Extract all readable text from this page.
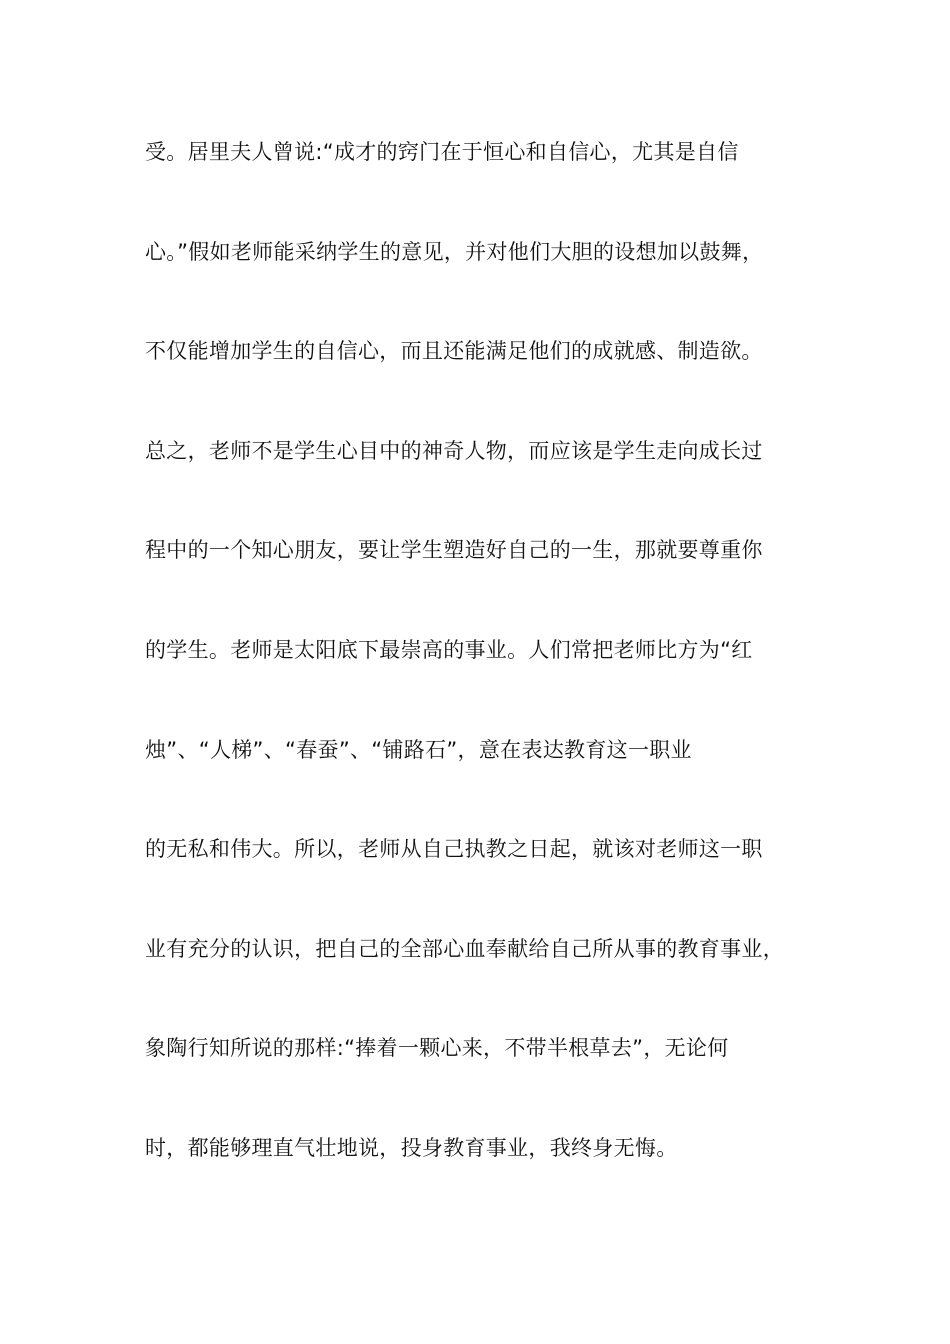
受。居里夫人曾说:“成才的窍门在于恒心和自信心，尤其是自信
心。”假如老师能采纳学生的意见，并对他们大胆的设想加以鼓舞，
不仅能增加学生的自信心，而且还能满足他们的成就感、制造欲。
总之，老师不是学生心目中的神奇人物，而应该是学生走向成长过
程中的一个知心朋友，要让学生塑造好自己的一生，那就要尊重你
的学生。老师是太阳底下最崇高的事业。人们常把老师比方为“红
烛”、“人梯”、“春蚕”、“铺路石”，意在表达教育这一职业
的无私和伟大。所以，老师从自己执教之日起，就该对老师这一职
业有充分的认识，把自己的全部心血奉献给自己所从事的教育事业，
象陶行知所说的那样:“捧着一颗心来，不带半根草去”，无论何
时，都能够理直气壮地说，投身教育事业，我终身无悔。
